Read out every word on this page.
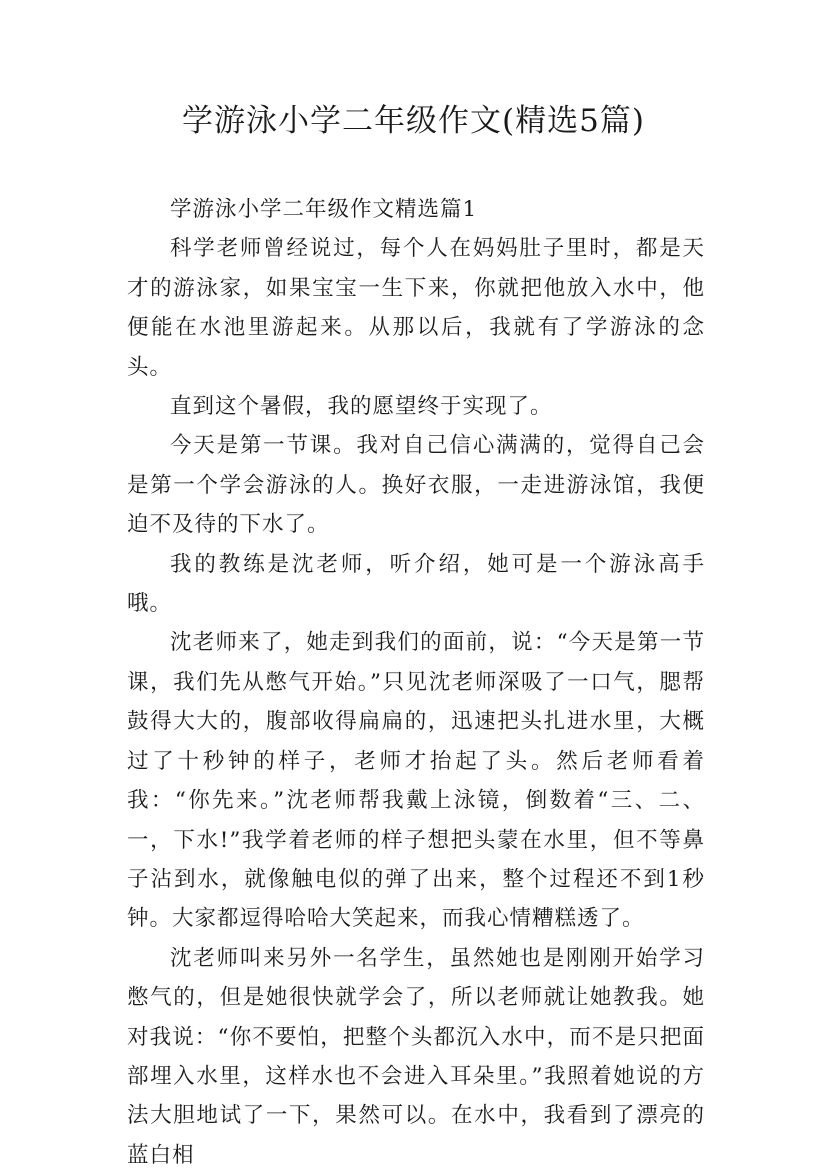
学游泳小学二年级作文(精选5篇)

学游泳小学二年级作文精选篇1

科学老师曾经说过，每个人在妈妈肚子里时，都是天才的游泳家，如果宝宝一生下来，你就把他放入水中，他便能在水池里游起来。从那以后，我就有了学游泳的念头。

直到这个暑假，我的愿望终于实现了。

今天是第一节课。我对自己信心满满的，觉得自己会是第一个学会游泳的人。换好衣服，一走进游泳馆，我便迫不及待的下水了。

我的教练是沈老师，听介绍，她可是一个游泳高手哦。

沈老师来了，她走到我们的面前，说：“今天是第一节课，我们先从憋气开始。”只见沈老师深吸了一口气，腮帮鼓得大大的，腹部收得扁扁的，迅速把头扎进水里，大概过了十秒钟的样子，老师才抬起了头。然后老师看着我：“你先来。”沈老师帮我戴上泳镜，倒数着“三、二、一，下水!”我学着老师的样子想把头蒙在水里，但不等鼻子沾到水，就像触电似的弹了出来，整个过程还不到1秒钟。大家都逗得哈哈大笑起来，而我心情糟糕透了。

沈老师叫来另外一名学生，虽然她也是刚刚开始学习憋气的，但是她很快就学会了，所以老师就让她教我。她对我说：“你不要怕，把整个头都沉入水中，而不是只把面部埋入水里，这样水也不会进入耳朵里。”我照着她说的方法大胆地试了一下，果然可以。在水中，我看到了漂亮的蓝白相
